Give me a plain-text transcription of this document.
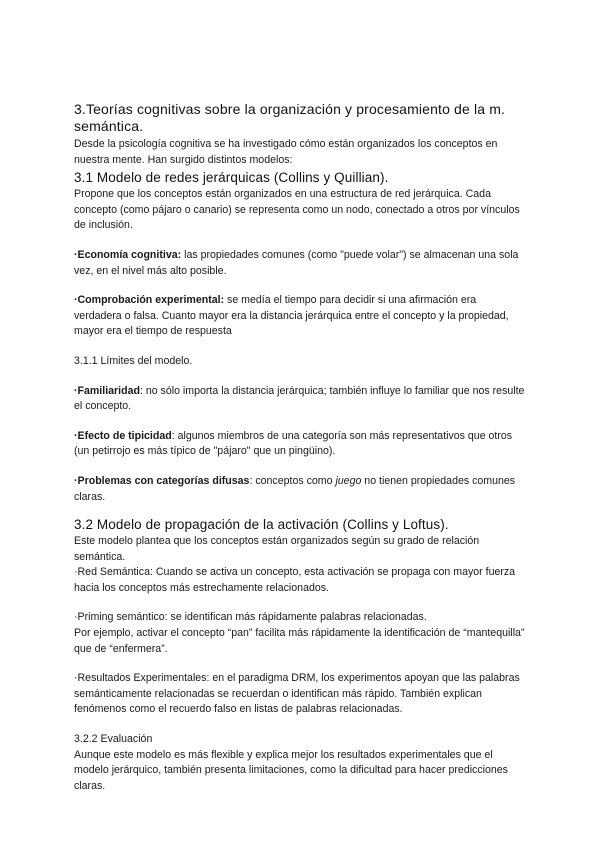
3.Teorías cognitivas sobre la organización y procesamiento de la m. semántica.

Desde la psicología cognitiva se ha investigado cómo están organizados los conceptos en nuestra mente. Han surgido distintos modelos:

3.1 Modelo de redes jerárquicas (Collins y Quillian).

Propone que los conceptos están organizados en una estructura de red jerárquica. Cada concepto (como pájaro o canario) se representa como un nodo, conectado a otros por vínculos de inclusión.

·Economía cognitiva: las propiedades comunes (como "puede volar") se almacenan una sola vez, en el nivel más alto posible.

·Comprobación experimental: se medía el tiempo para decidir si una afirmación era verdadera o falsa. Cuanto mayor era la distancia jerárquica entre el concepto y la propiedad, mayor era el tiempo de respuesta

3.1.1 Límites del modelo.

·Familiaridad: no sólo importa la distancia jerárquica; también influye lo familiar que nos resulte el concepto.

·Efecto de tipicidad: algunos miembros de una categoría son más representativos que otros (un petirrojo es más típico de "pájaro" que un pingüino).

·Problemas con categorías difusas: conceptos como juego no tienen propiedades comunes claras.

3.2 Modelo de propagación de la activación (Collins y Loftus).

Este modelo plantea que los conceptos están organizados según su grado de relación semántica.

·Red Semántica: Cuando se activa un concepto, esta activación se propaga con mayor fuerza hacia los conceptos más estrechamente relacionados.

·Priming semántico: se identifican más rápidamente palabras relacionadas.

Por ejemplo, activar el concepto “pan” facilita más rápidamente la identificación de “mantequilla” que de “enfermera”.

·Resultados Experimentales: en el paradigma DRM, los experimentos apoyan que las palabras semánticamente relacionadas se recuerdan o identifican más rápido. También explican fenómenos como el recuerdo falso en listas de palabras relacionadas.

3.2.2 Evaluación

Aunque este modelo es más flexible y explica mejor los resultados experimentales que el modelo jerárquico, también presenta limitaciones, como la dificultad para hacer predicciones claras.
